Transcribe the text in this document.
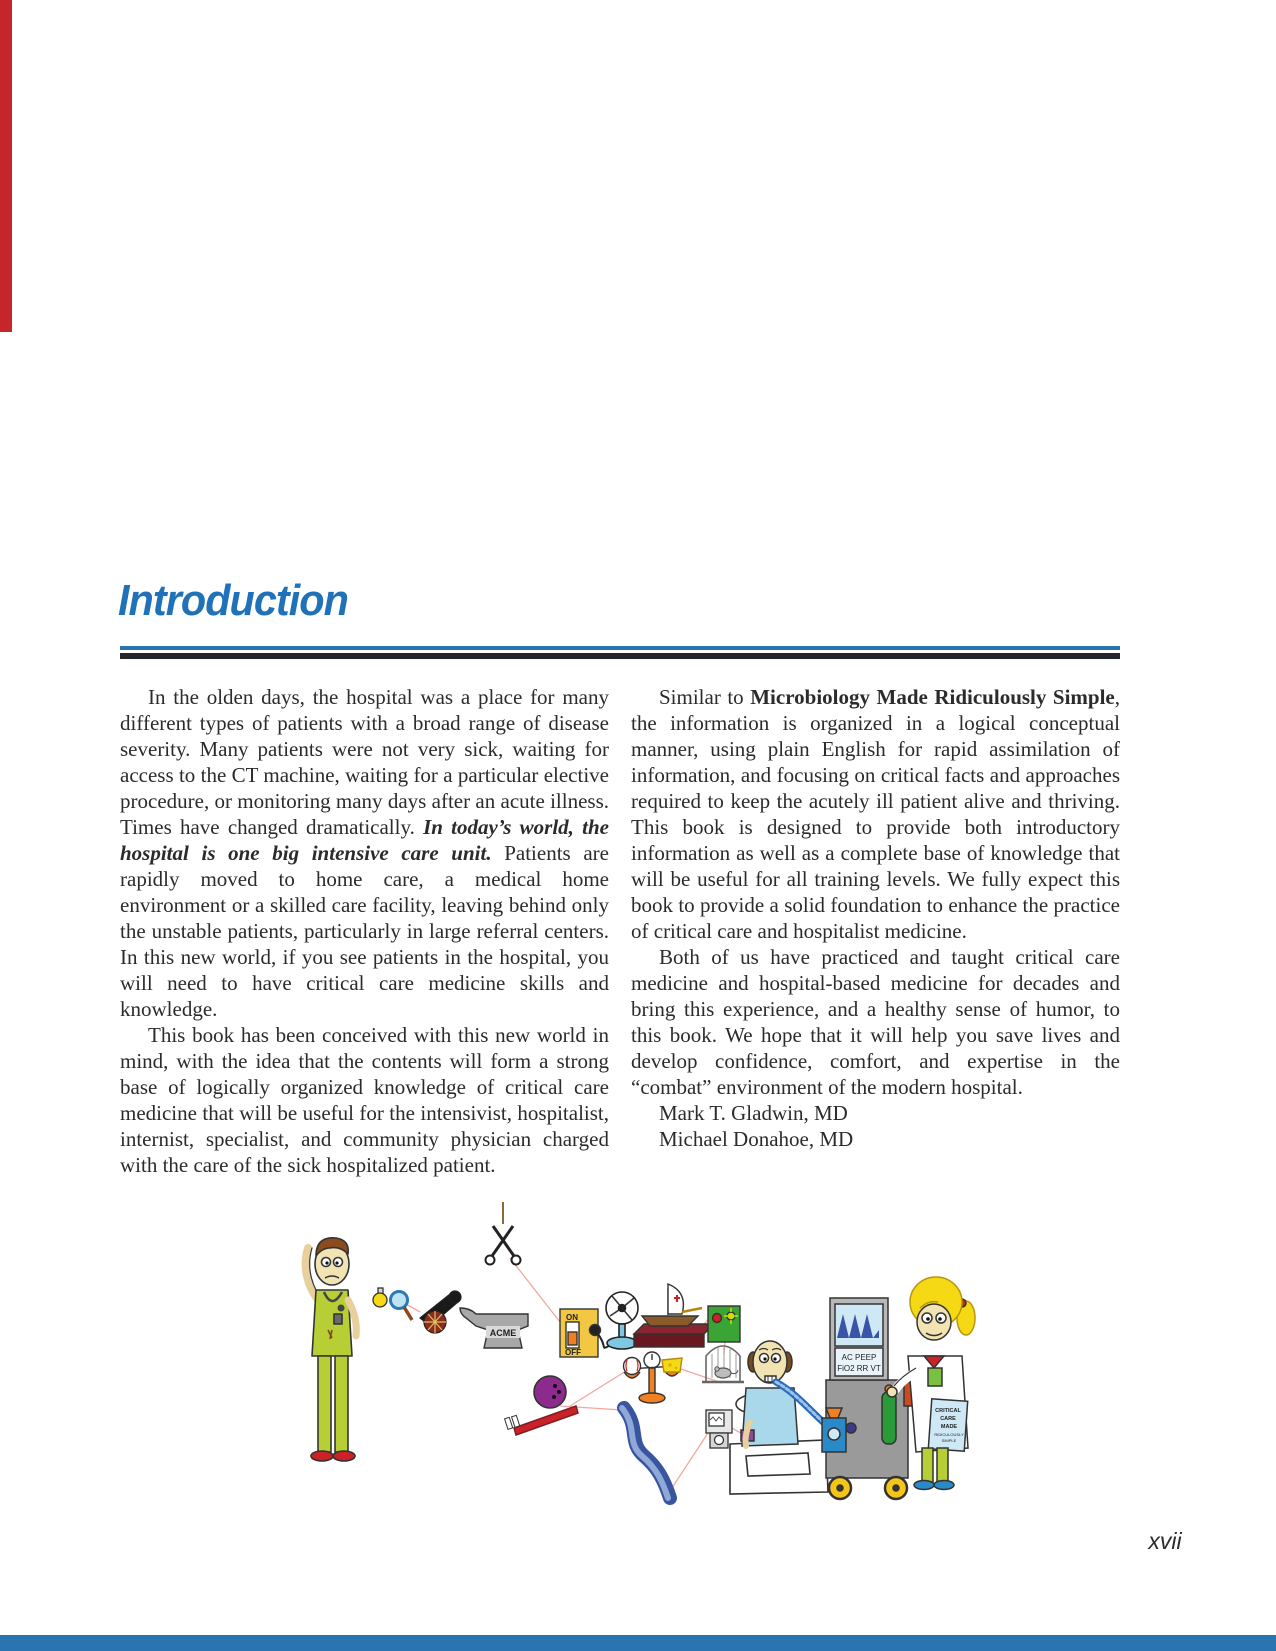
Introduction

In the olden days, the hospital was a place for many different types of patients with a broad range of disease severity. Many patients were not very sick, waiting for access to the CT machine, waiting for a particular elective procedure, or monitoring many days after an acute illness. Times have changed dramatically. In today’s world, the hospital is one big intensive care unit. Patients are rapidly moved to home care, a medical home environment or a skilled care facility, leaving behind only the unstable patients, particularly in large referral centers. In this new world, if you see patients in the hospital, you will need to have critical care medicine skills and knowledge.

This book has been conceived with this new world in mind, with the idea that the contents will form a strong base of logically organized knowledge of critical care medicine that will be useful for the intensivist, hospitalist, internist, specialist, and community physician charged with the care of the sick hospitalized patient.

Similar to Microbiology Made Ridiculously Simple, the information is organized in a logical conceptual manner, using plain English for rapid assimilation of information, and focusing on critical facts and approaches required to keep the acutely ill patient alive and thriving. This book is designed to provide both introductory information as well as a complete base of knowledge that will be useful for all training levels. We fully expect this book to provide a solid foundation to enhance the practice of critical care and hospitalist medicine.

Both of us have practiced and taught critical care medicine and hospital-based medicine for decades and bring this experience, and a healthy sense of humor, to this book. We hope that it will help you save lives and develop confidence, comfort, and expertise in the “combat” environment of the modern hospital.

Mark T. Gladwin, MD
Michael Donahoe, MD
ACME
ON
OFF
AC PEEP
FiO2 RR VT
CRITICAL
CARE
MADE
RIDICULOUSLY
SIMPLE
xvii
